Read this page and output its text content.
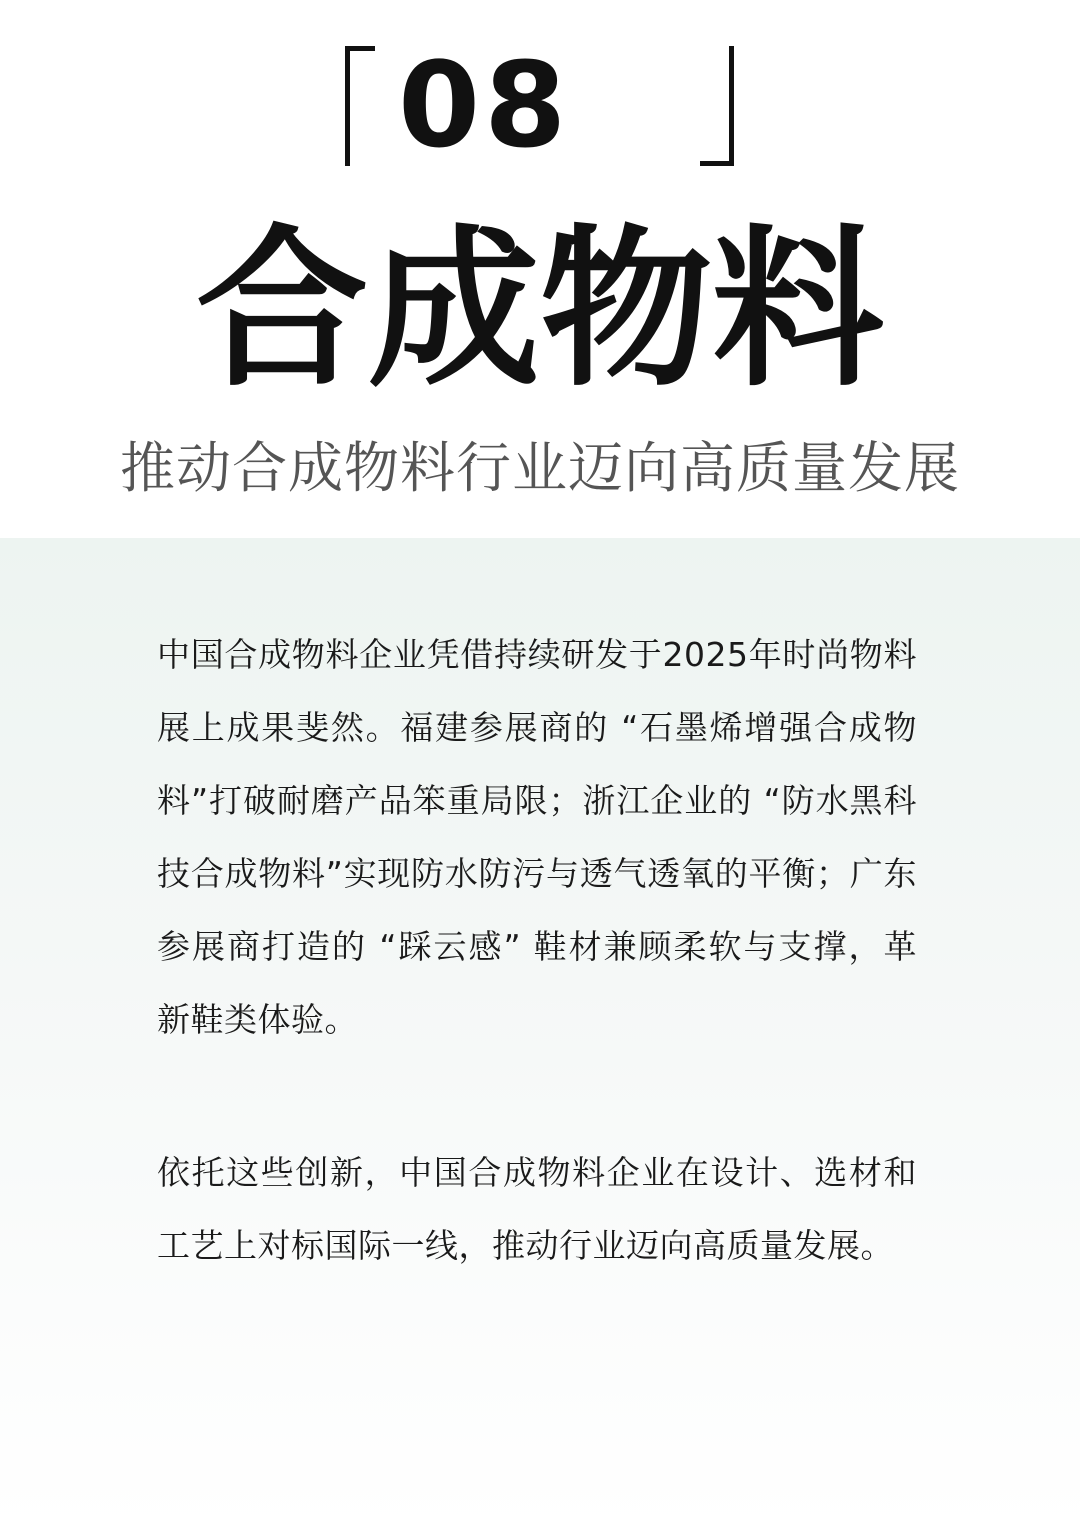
08
合成物料
推动合成物料行业迈向高质量发展

中国合成物料企业凭借持续研发于2025年时尚物料展上成果斐然。福建参展商的 “石墨烯增强合成物料”打破耐磨产品笨重局限；浙江企业的 “防水黑科技合成物料”实现防水防污与透气透氧的平衡；广东参展商打造的 “踩云感” 鞋材兼顾柔软与支撑，革新鞋类体验。

依托这些创新，中国合成物料企业在设计、选材和工艺上对标国际一线，推动行业迈向高质量发展。
